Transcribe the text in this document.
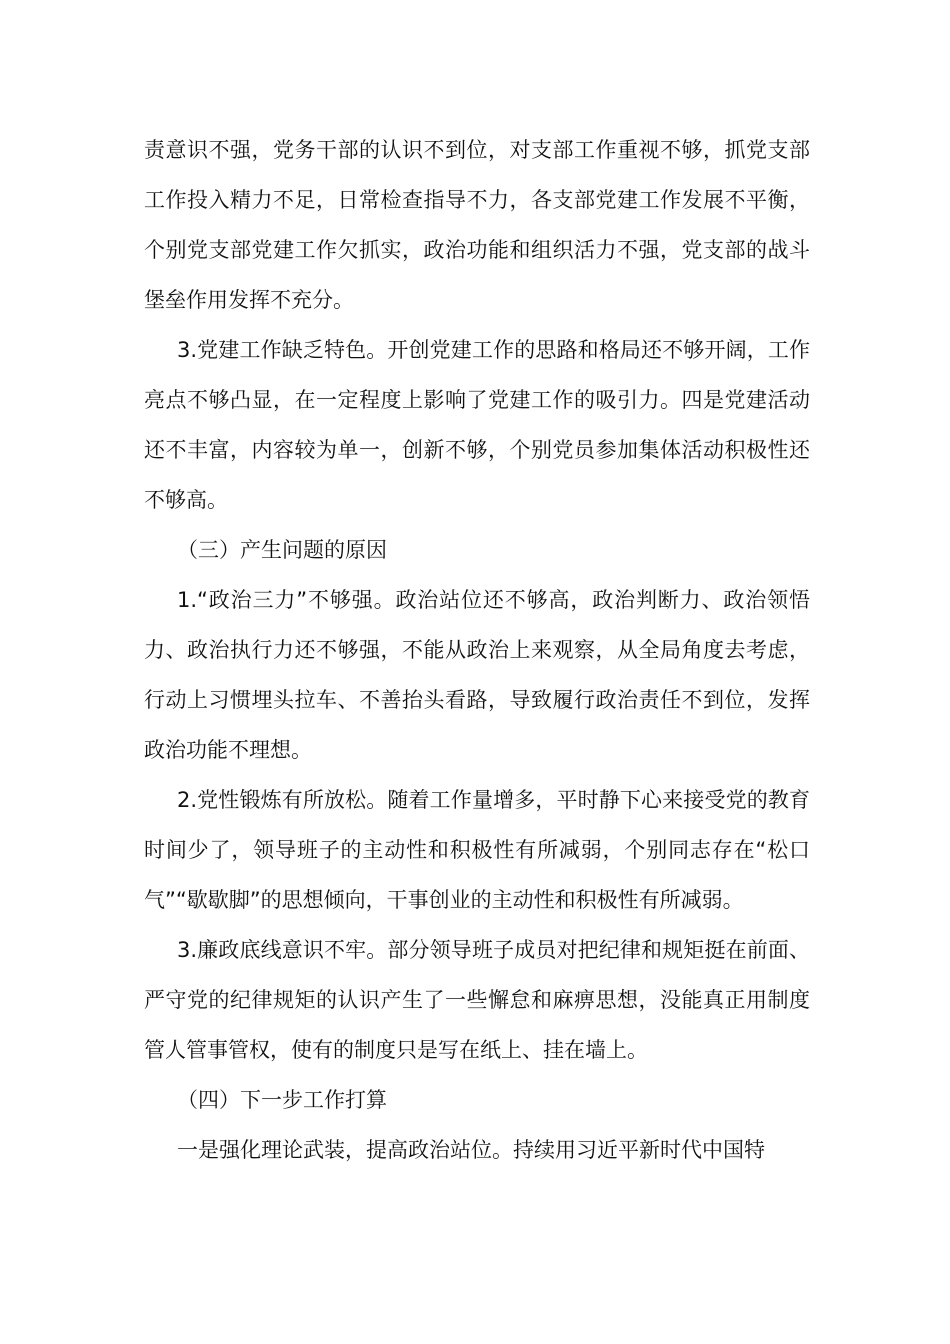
责意识不强，党务干部的认识不到位，对支部工作重视不够，抓党支部工作投入精力不足，日常检查指导不力，各支部党建工作发展不平衡，个别党支部党建工作欠抓实，政治功能和组织活力不强，党支部的战斗堡垒作用发挥不充分。

3.党建工作缺乏特色。开创党建工作的思路和格局还不够开阔，工作亮点不够凸显，在一定程度上影响了党建工作的吸引力。四是党建活动还不丰富，内容较为单一，创新不够，个别党员参加集体活动积极性还不够高。

（三）产生问题的原因

1.“政治三力”不够强。政治站位还不够高，政治判断力、政治领悟力、政治执行力还不够强，不能从政治上来观察，从全局角度去考虑，行动上习惯埋头拉车、不善抬头看路，导致履行政治责任不到位，发挥政治功能不理想。

2.党性锻炼有所放松。随着工作量增多，平时静下心来接受党的教育时间少了，领导班子的主动性和积极性有所减弱，个别同志存在“松口气”“歇歇脚”的思想倾向，干事创业的主动性和积极性有所减弱。

3.廉政底线意识不牢。部分领导班子成员对把纪律和规矩挺在前面、严守党的纪律规矩的认识产生了一些懈怠和麻痹思想，没能真正用制度管人管事管权，使有的制度只是写在纸上、挂在墙上。

（四）下一步工作打算

一是强化理论武装，提高政治站位。持续用习近平新时代中国特
